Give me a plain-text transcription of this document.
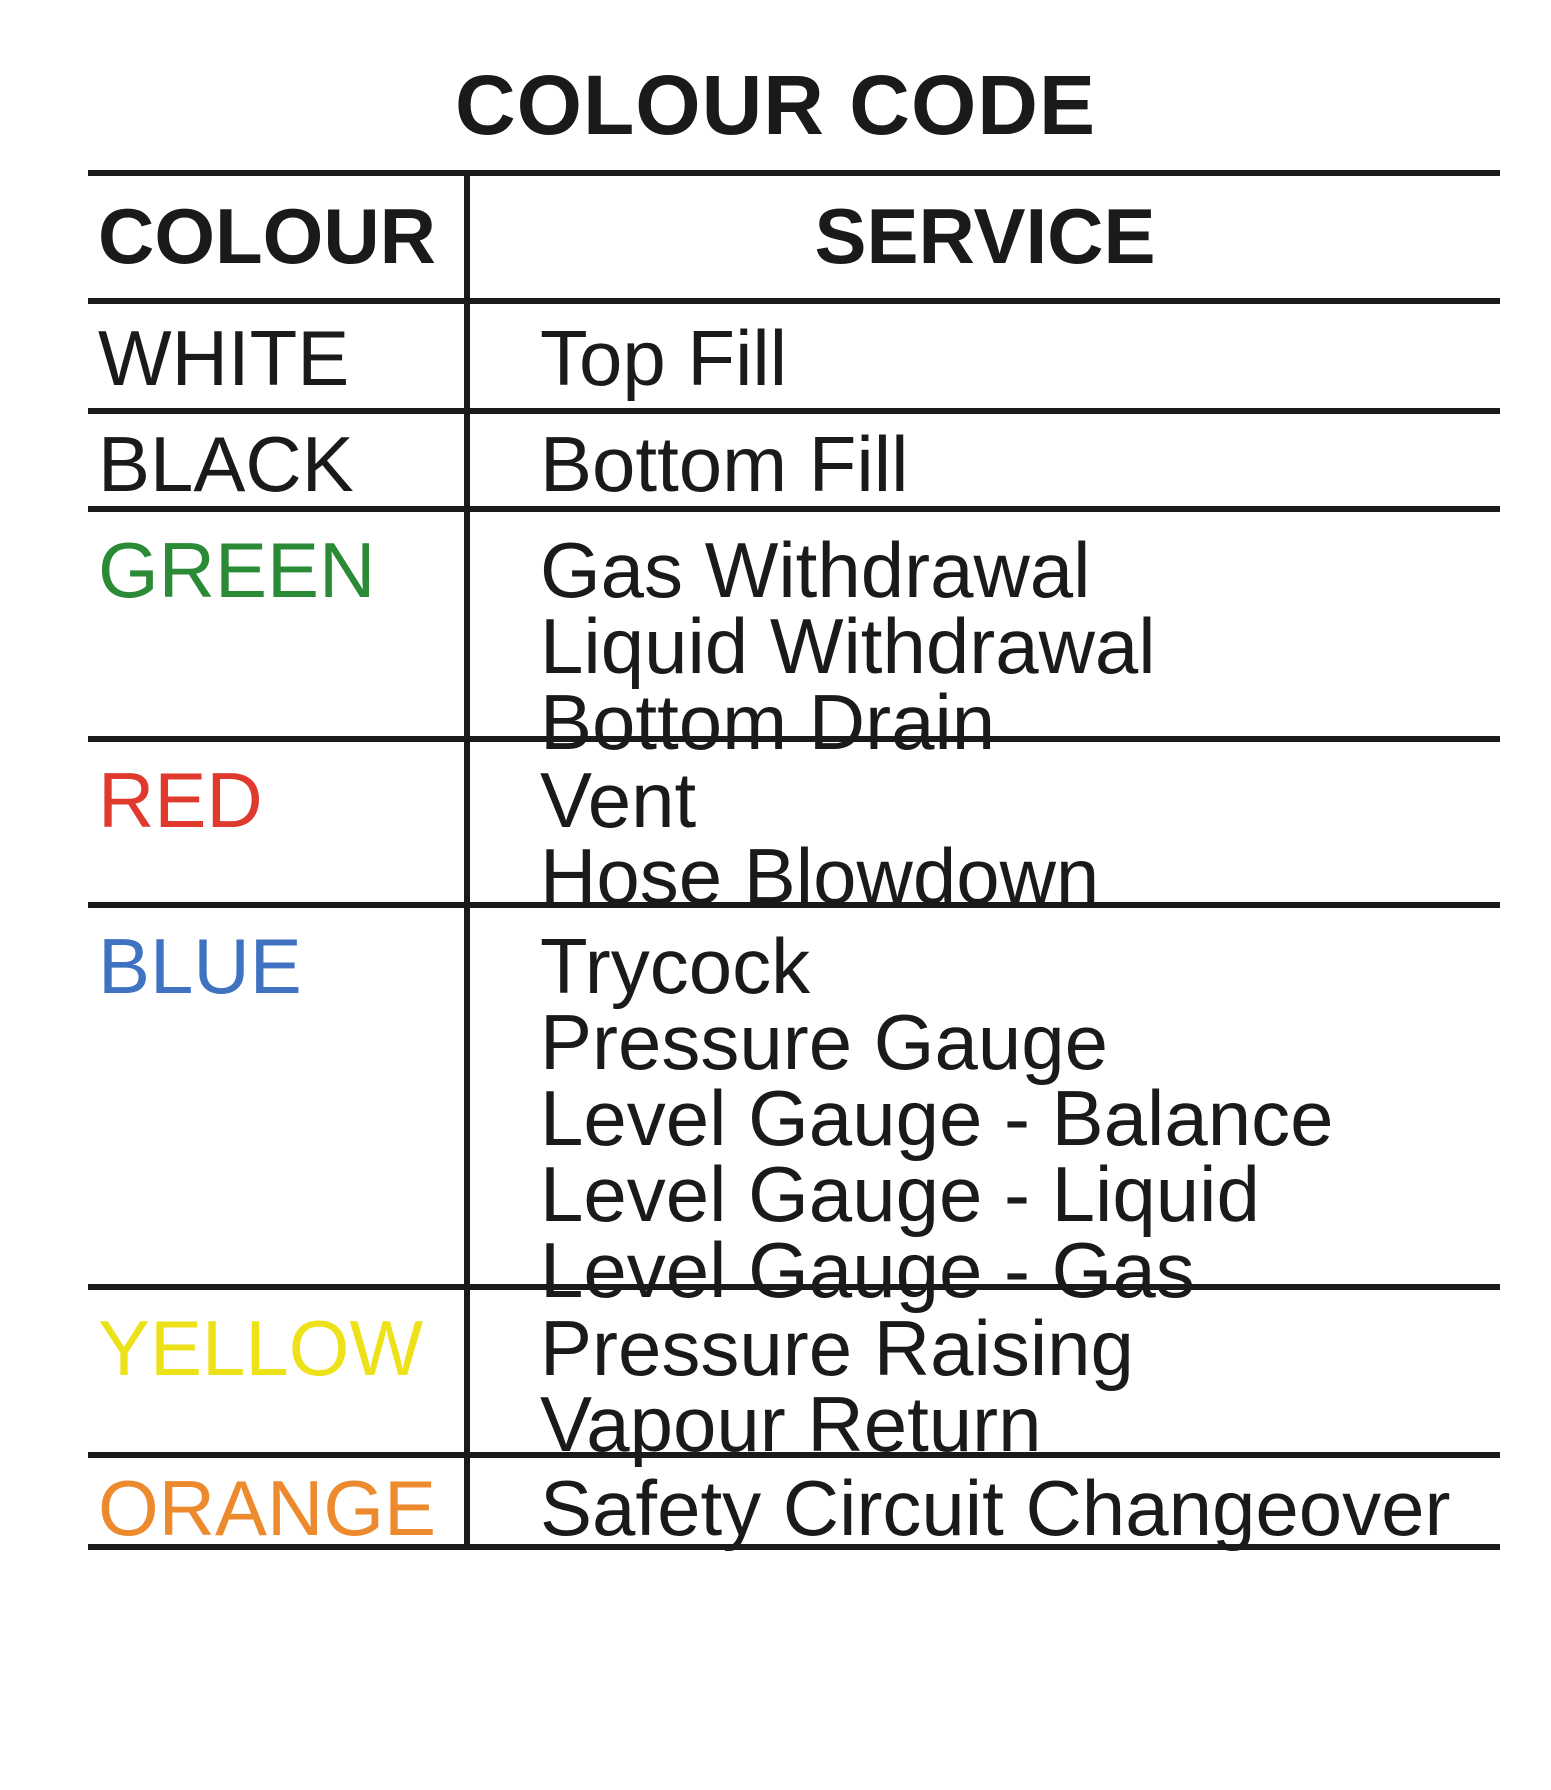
COLOUR CODE
COLOUR	SERVICE
WHITE	Top Fill
BLACK	Bottom Fill
GREEN	Gas Withdrawal
Liquid Withdrawal
Bottom Drain
RED	Vent
Hose Blowdown
BLUE	Trycock
Pressure Gauge
Level Gauge - Balance
Level Gauge - Liquid
Level Gauge - Gas
YELLOW	Pressure Raising
Vapour Return
ORANGE	Safety Circuit Changeover
